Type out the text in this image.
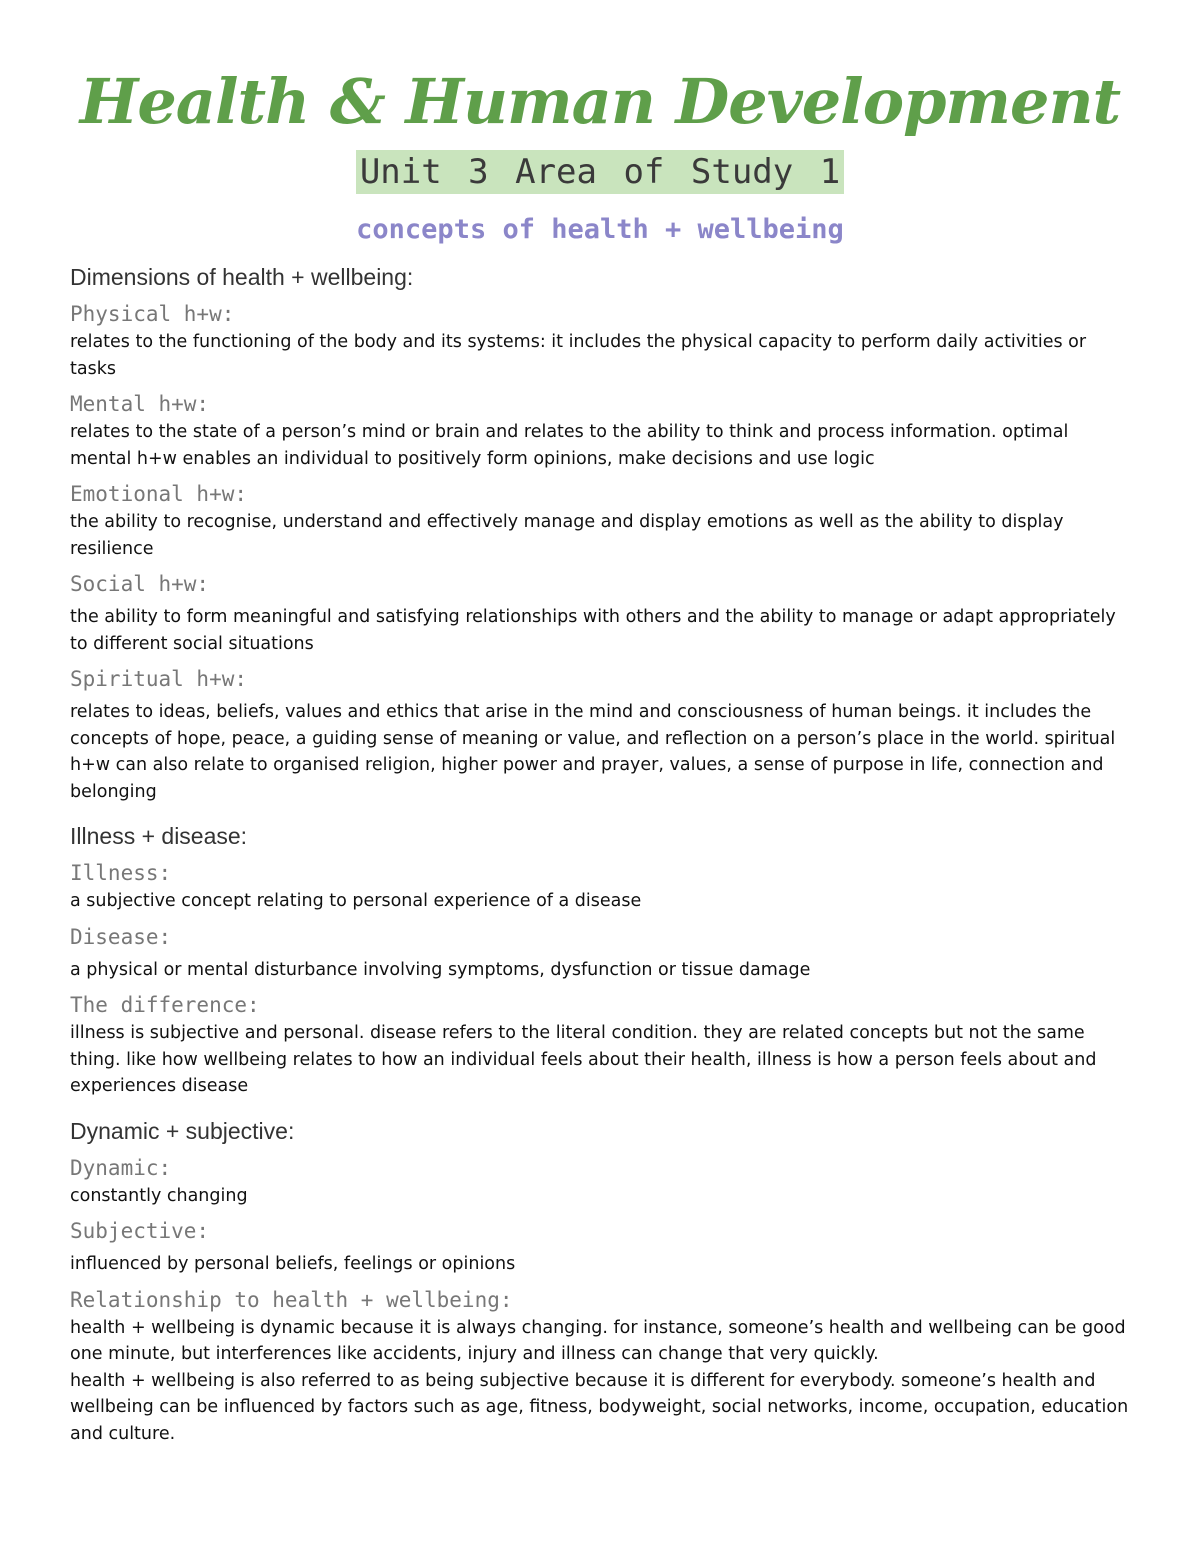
Health & Human Development
Unit 3 Area of Study 1
concepts of health + wellbeing

Dimensions of health + wellbeing:

Physical h+w:

relates to the functioning of the body and its systems: it includes the physical capacity to perform daily activities or tasks

Mental h+w:

relates to the state of a person’s mind or brain and relates to the ability to think and process information. optimal mental h+w enables an individual to positively form opinions, make decisions and use logic

Emotional h+w:

the ability to recognise, understand and effectively manage and display emotions as well as the ability to display resilience

Social h+w:

the ability to form meaningful and satisfying relationships with others and the ability to manage or adapt appropriately to different social situations

Spiritual h+w:

relates to ideas, beliefs, values and ethics that arise in the mind and consciousness of human beings. it includes the concepts of hope, peace, a guiding sense of meaning or value, and reflection on a person’s place in the world. spiritual h+w can also relate to organised religion, higher power and prayer, values, a sense of purpose in life, connection and belonging

Illness + disease:

Illness:

a subjective concept relating to personal experience of a disease

Disease:

a physical or mental disturbance involving symptoms, dysfunction or tissue damage

The difference:

illness is subjective and personal. disease refers to the literal condition. they are related concepts but not the same thing. like how wellbeing relates to how an individual feels about their health, illness is how a person feels about and experiences disease

Dynamic + subjective:

Dynamic:

constantly changing

Subjective:

influenced by personal beliefs, feelings or opinions

Relationship to health + wellbeing:

health + wellbeing is dynamic because it is always changing. for instance, someone’s health and wellbeing can be good one minute, but interferences like accidents, injury and illness can change that very quickly.

health + wellbeing is also referred to as being subjective because it is different for everybody. someone’s health and wellbeing can be influenced by factors such as age, fitness, bodyweight, social networks, income, occupation, education and culture.
